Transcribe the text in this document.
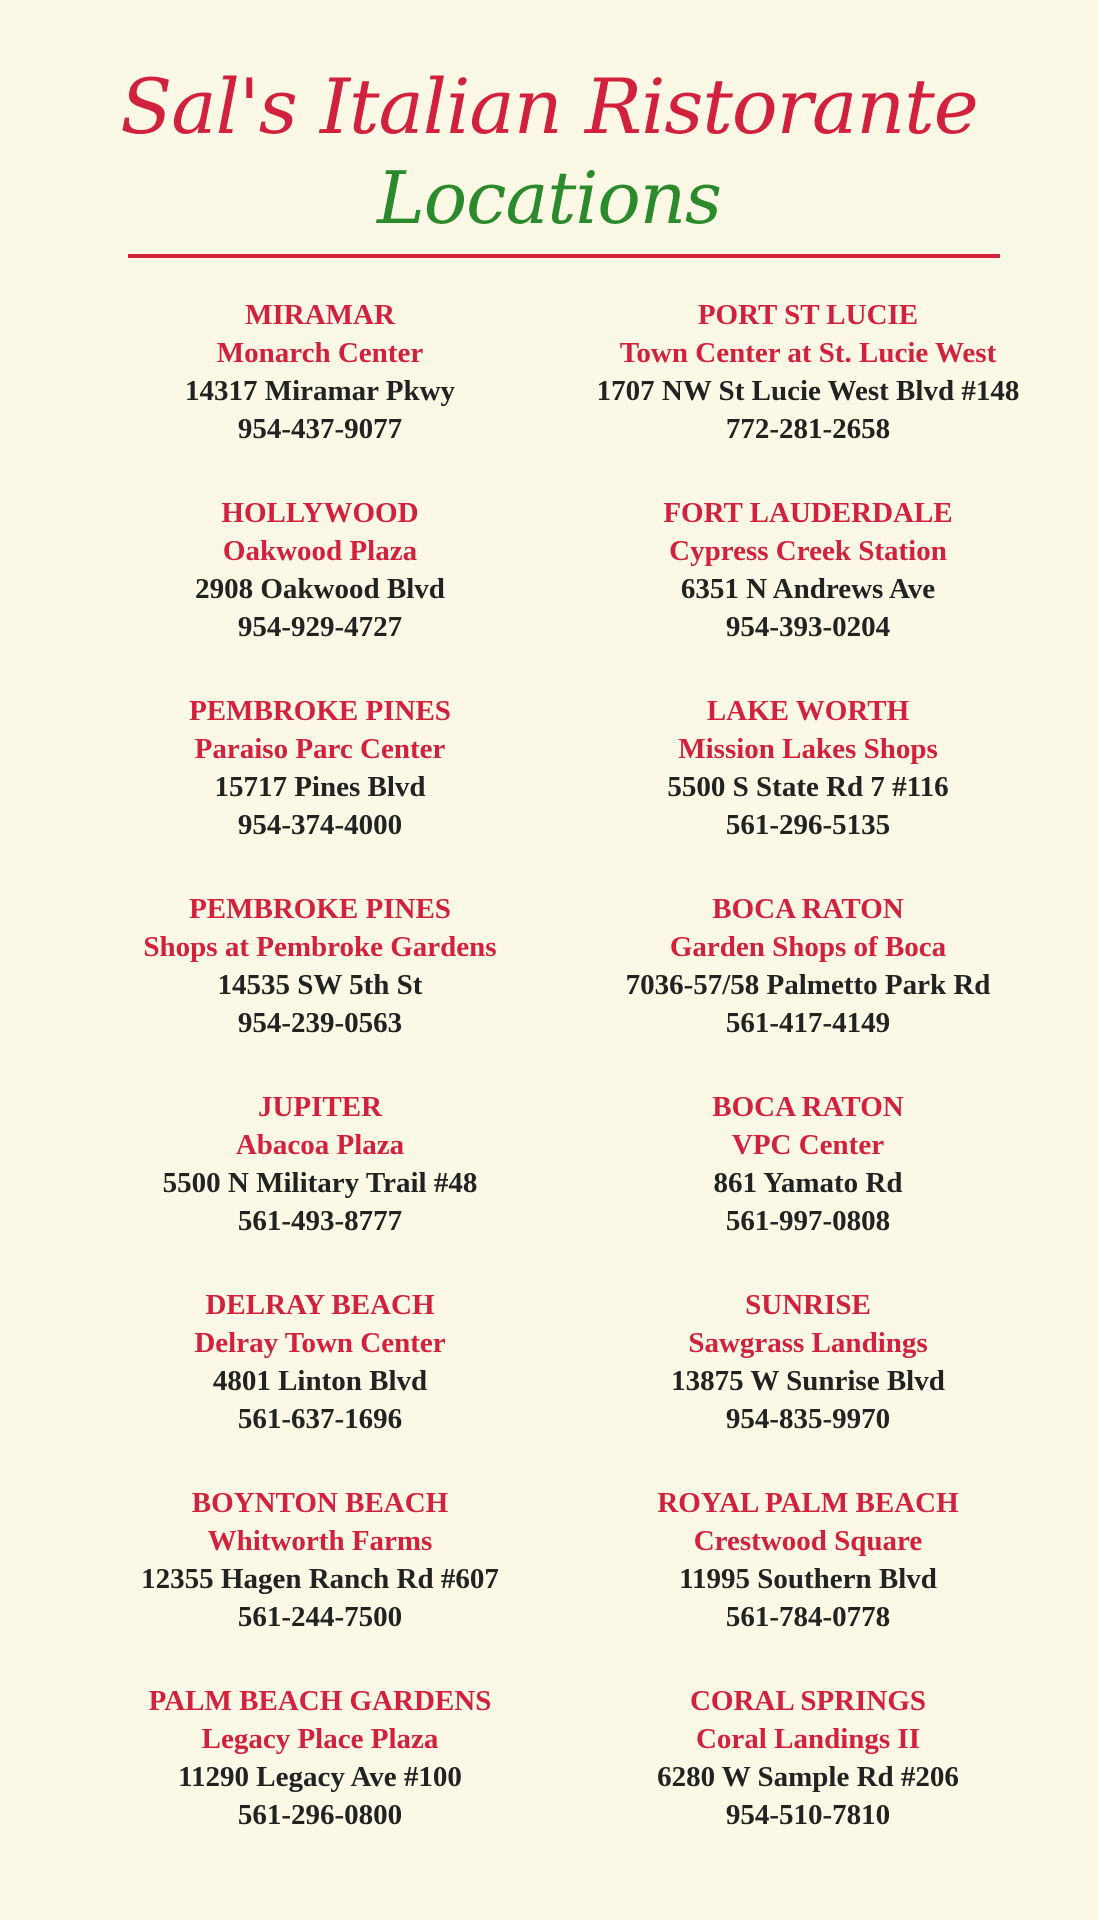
Sal's Italian Ristorante
Locations
MIRAMAR
Monarch Center
14317 Miramar Pkwy
954-437-9077
PORT ST LUCIE
Town Center at St. Lucie West
1707 NW St Lucie West Blvd #148
772-281-2658
HOLLYWOOD
Oakwood Plaza
2908 Oakwood Blvd
954-929-4727
FORT LAUDERDALE
Cypress Creek Station
6351 N Andrews Ave
954-393-0204
PEMBROKE PINES
Paraiso Parc Center
15717 Pines Blvd
954-374-4000
LAKE WORTH
Mission Lakes Shops
5500 S State Rd 7 #116
561-296-5135
PEMBROKE PINES
Shops at Pembroke Gardens
14535 SW 5th St
954-239-0563
BOCA RATON
Garden Shops of Boca
7036-57/58 Palmetto Park Rd
561-417-4149
JUPITER
Abacoa Plaza
5500 N Military Trail #48
561-493-8777
BOCA RATON
VPC Center
861 Yamato Rd
561-997-0808
DELRAY BEACH
Delray Town Center
4801 Linton Blvd
561-637-1696
SUNRISE
Sawgrass Landings
13875 W Sunrise Blvd
954-835-9970
BOYNTON BEACH
Whitworth Farms
12355 Hagen Ranch Rd #607
561-244-7500
ROYAL PALM BEACH
Crestwood Square
11995 Southern Blvd
561-784-0778
PALM BEACH GARDENS
Legacy Place Plaza
11290 Legacy Ave #100
561-296-0800
CORAL SPRINGS
Coral Landings II
6280 W Sample Rd #206
954-510-7810
